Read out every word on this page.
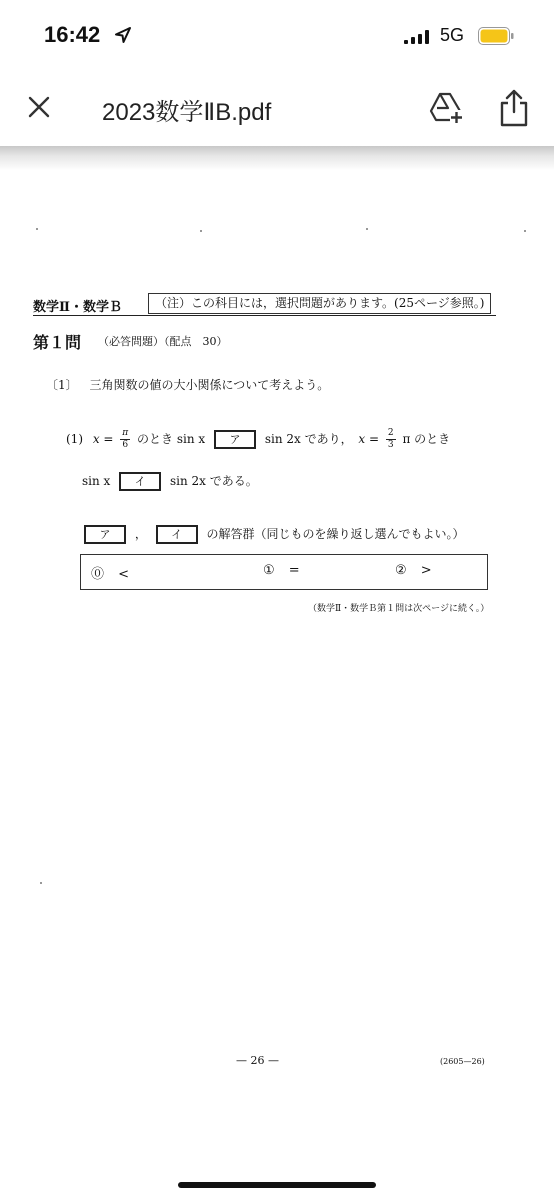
16:42	5G
2023数学ⅡB.pdf
数学Ⅱ・数学Ｂ	（注）この科目には，選択問題があります。(25ページ参照。)
第１問 （必答問題）（配点　30）
〔1〕 三角関数の値の大小関係について考えよう。
(1) $x = \frac{\pi}{6}$ のとき sin x ア sin 2x であり， $x = \frac{2}{3}$ π のとき
sin x イ sin 2x である。
ア ， イ の解答群（同じものを繰り返し選んでもよい。）
⓪ <	① =	② >
（数学Ⅱ・数学Ｂ第１問は次ページに続く。）
— 26 —	(2605—26)
